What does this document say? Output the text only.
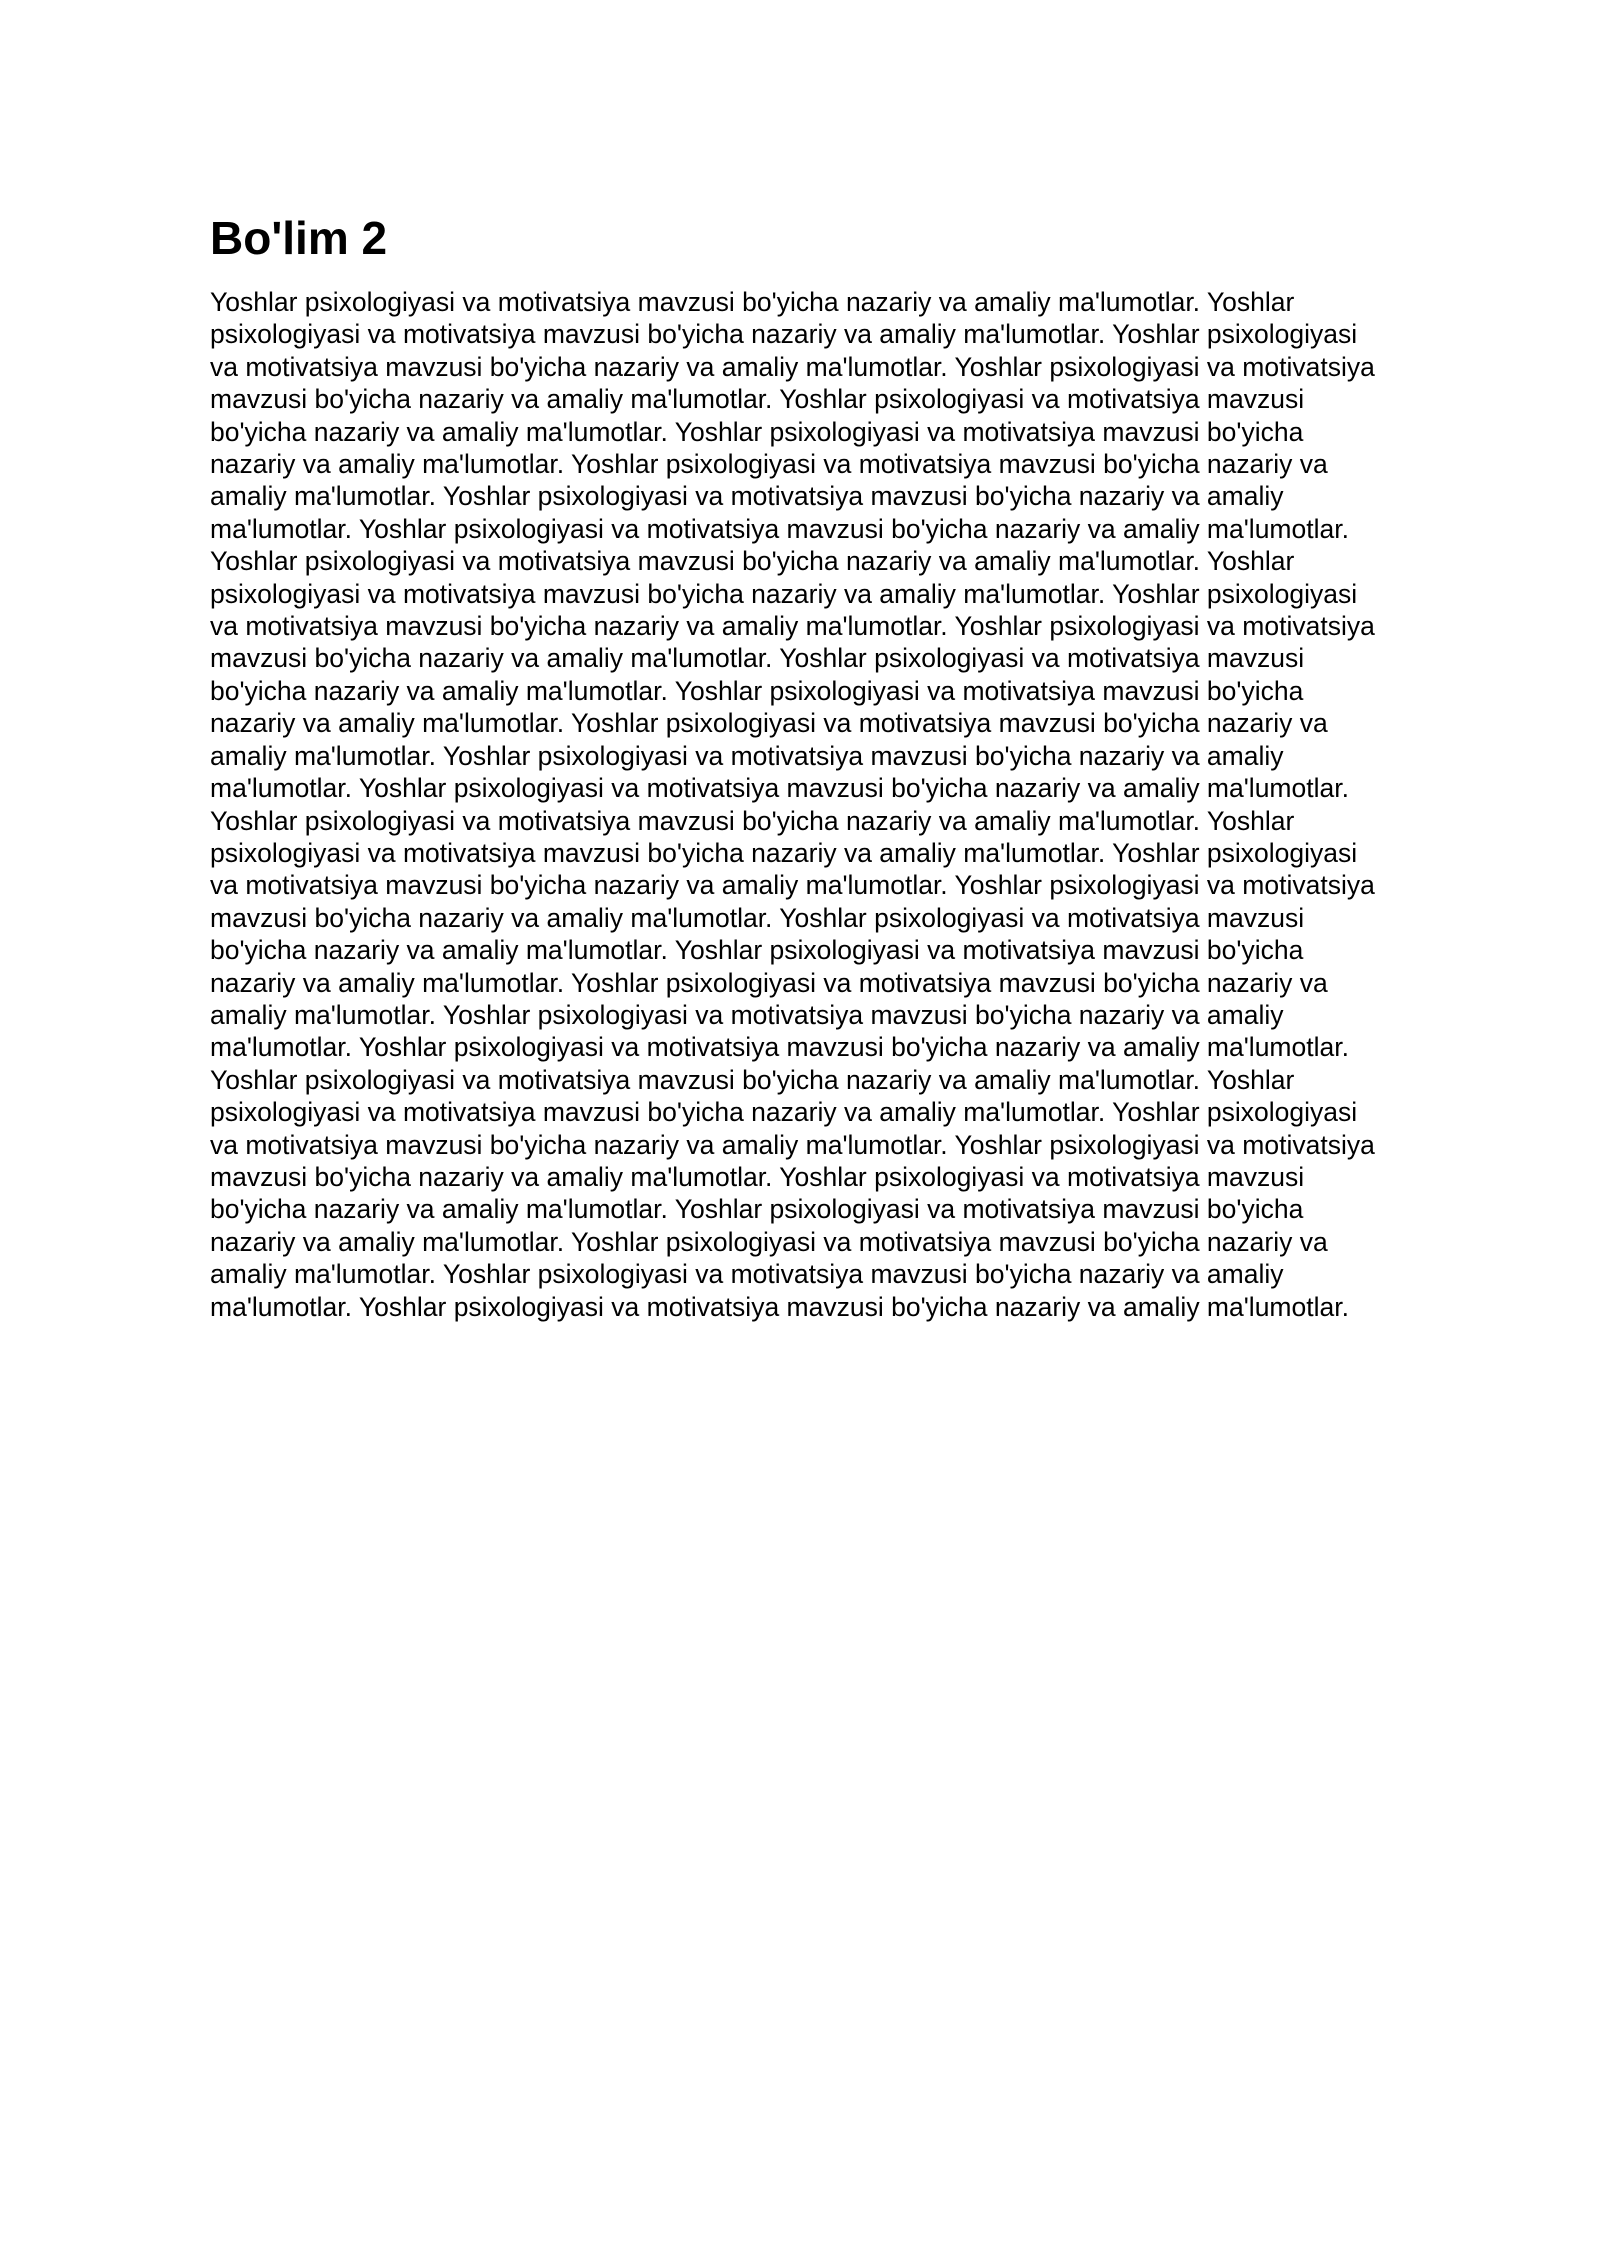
Bo'lim 2

Yoshlar psixologiyasi va motivatsiya mavzusi bo'yicha nazariy va amaliy ma'lumotlar. Yoshlar psixologiyasi va motivatsiya mavzusi bo'yicha nazariy va amaliy ma'lumotlar. Yoshlar psixologiyasi va motivatsiya mavzusi bo'yicha nazariy va amaliy ma'lumotlar. Yoshlar psixologiyasi va motivatsiya mavzusi bo'yicha nazariy va amaliy ma'lumotlar. Yoshlar psixologiyasi va motivatsiya mavzusi bo'yicha nazariy va amaliy ma'lumotlar. Yoshlar psixologiyasi va motivatsiya mavzusi bo'yicha nazariy va amaliy ma'lumotlar. Yoshlar psixologiyasi va motivatsiya mavzusi bo'yicha nazariy va amaliy ma'lumotlar. Yoshlar psixologiyasi va motivatsiya mavzusi bo'yicha nazariy va amaliy ma'lumotlar. Yoshlar psixologiyasi va motivatsiya mavzusi bo'yicha nazariy va amaliy ma'lumotlar. Yoshlar psixologiyasi va motivatsiya mavzusi bo'yicha nazariy va amaliy ma'lumotlar. Yoshlar psixologiyasi va motivatsiya mavzusi bo'yicha nazariy va amaliy ma'lumotlar. Yoshlar psixologiyasi va motivatsiya mavzusi bo'yicha nazariy va amaliy ma'lumotlar. Yoshlar psixologiyasi va motivatsiya mavzusi bo'yicha nazariy va amaliy ma'lumotlar. Yoshlar psixologiyasi va motivatsiya mavzusi bo'yicha nazariy va amaliy ma'lumotlar. Yoshlar psixologiyasi va motivatsiya mavzusi bo'yicha nazariy va amaliy ma'lumotlar. Yoshlar psixologiyasi va motivatsiya mavzusi bo'yicha nazariy va amaliy ma'lumotlar. Yoshlar psixologiyasi va motivatsiya mavzusi bo'yicha nazariy va amaliy ma'lumotlar. Yoshlar psixologiyasi va motivatsiya mavzusi bo'yicha nazariy va amaliy ma'lumotlar. Yoshlar psixologiyasi va motivatsiya mavzusi bo'yicha nazariy va amaliy ma'lumotlar. Yoshlar psixologiyasi va motivatsiya mavzusi bo'yicha nazariy va amaliy ma'lumotlar. Yoshlar psixologiyasi va motivatsiya mavzusi bo'yicha nazariy va amaliy ma'lumotlar. Yoshlar psixologiyasi va motivatsiya mavzusi bo'yicha nazariy va amaliy ma'lumotlar. Yoshlar psixologiyasi va motivatsiya mavzusi bo'yicha nazariy va amaliy ma'lumotlar. Yoshlar psixologiyasi va motivatsiya mavzusi bo'yicha nazariy va amaliy ma'lumotlar. Yoshlar psixologiyasi va motivatsiya mavzusi bo'yicha nazariy va amaliy ma'lumotlar. Yoshlar psixologiyasi va motivatsiya mavzusi bo'yicha nazariy va amaliy ma'lumotlar. Yoshlar psixologiyasi va motivatsiya mavzusi bo'yicha nazariy va amaliy ma'lumotlar. Yoshlar psixologiyasi va motivatsiya mavzusi bo'yicha nazariy va amaliy ma'lumotlar. Yoshlar psixologiyasi va motivatsiya mavzusi bo'yicha nazariy va amaliy ma'lumotlar. Yoshlar psixologiyasi va motivatsiya mavzusi bo'yicha nazariy va amaliy ma'lumotlar. Yoshlar psixologiyasi va motivatsiya mavzusi bo'yicha nazariy va amaliy ma'lumotlar. Yoshlar psixologiyasi va motivatsiya mavzusi bo'yicha nazariy va amaliy ma'lumotlar. Yoshlar psixologiyasi va motivatsiya mavzusi bo'yicha nazariy va amaliy ma'lumotlar. Yoshlar psixologiyasi va motivatsiya mavzusi bo'yicha nazariy va amaliy ma'lumotlar. Yoshlar psixologiyasi va motivatsiya mavzusi bo'yicha nazariy va amaliy ma'lumotlar. Yoshlar psixologiyasi va motivatsiya mavzusi bo'yicha nazariy va amaliy ma'lumotlar.
